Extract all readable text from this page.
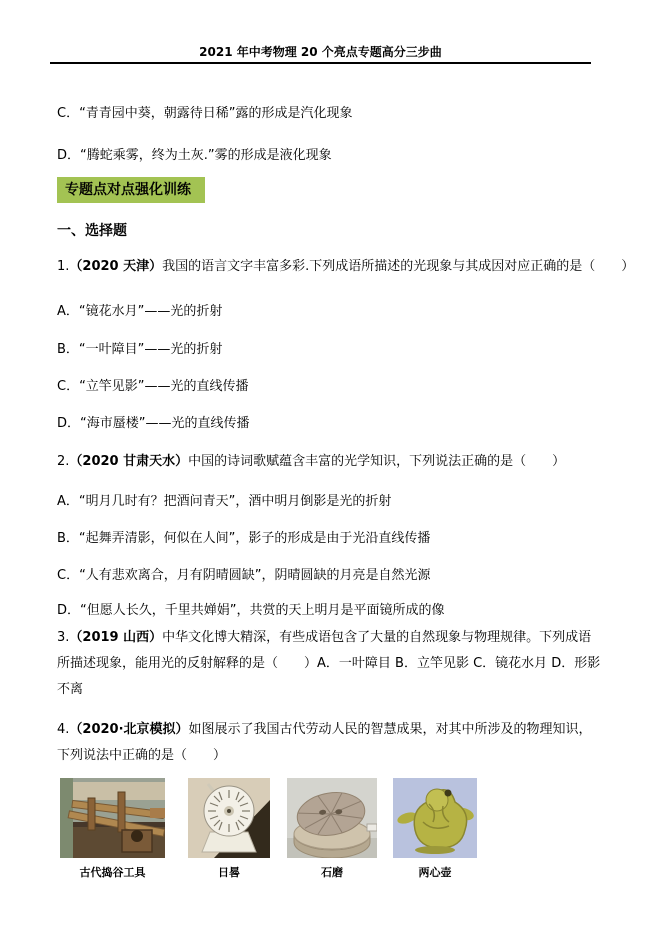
2021 年中考物理 20 个亮点专题高分三步曲

C．“青青园中葵，朝露待日稀”露的形成是汽化现象

D．“腾蛇乘雾，终为土灰.”雾的形成是液化现象

专题点对点强化训练

一、选择题

1.（2020 天津）我国的语言文字丰富多彩.下列成语所描述的光现象与其成因对应正确的是（　　）

A．“镜花水月”——光的折射

B．“一叶障目”——光的折射

C．“立竿见影”——光的直线传播

D．“海市蜃楼”——光的直线传播

2.（2020 甘肃天水）中国的诗词歌赋蕴含丰富的光学知识，下列说法正确的是（　　）

A．“明月几时有？把酒问青天”，酒中明月倒影是光的折射

B．“起舞弄清影，何似在人间”，影子的形成是由于光沿直线传播

C．“人有悲欢离合，月有阴晴圆缺”，阴晴圆缺的月亮是自然光源

D．“但愿人长久，千里共婵娟”，共赏的天上明月是平面镜所成的像

3.（2019 山西）中华文化博大精深，有些成语包含了大量的自然现象与物理规律。下列成语所描述现象，能用光的反射解释的是（　　）A．一叶障目 B．立竿见影 C．镜花水月 D．形影不离

4.（2020·北京模拟）如图展示了我国古代劳动人民的智慧成果，对其中所涉及的物理知识，下列说法中正确的是（　　）

古代捣谷工具	日晷	石磨	两心壶
